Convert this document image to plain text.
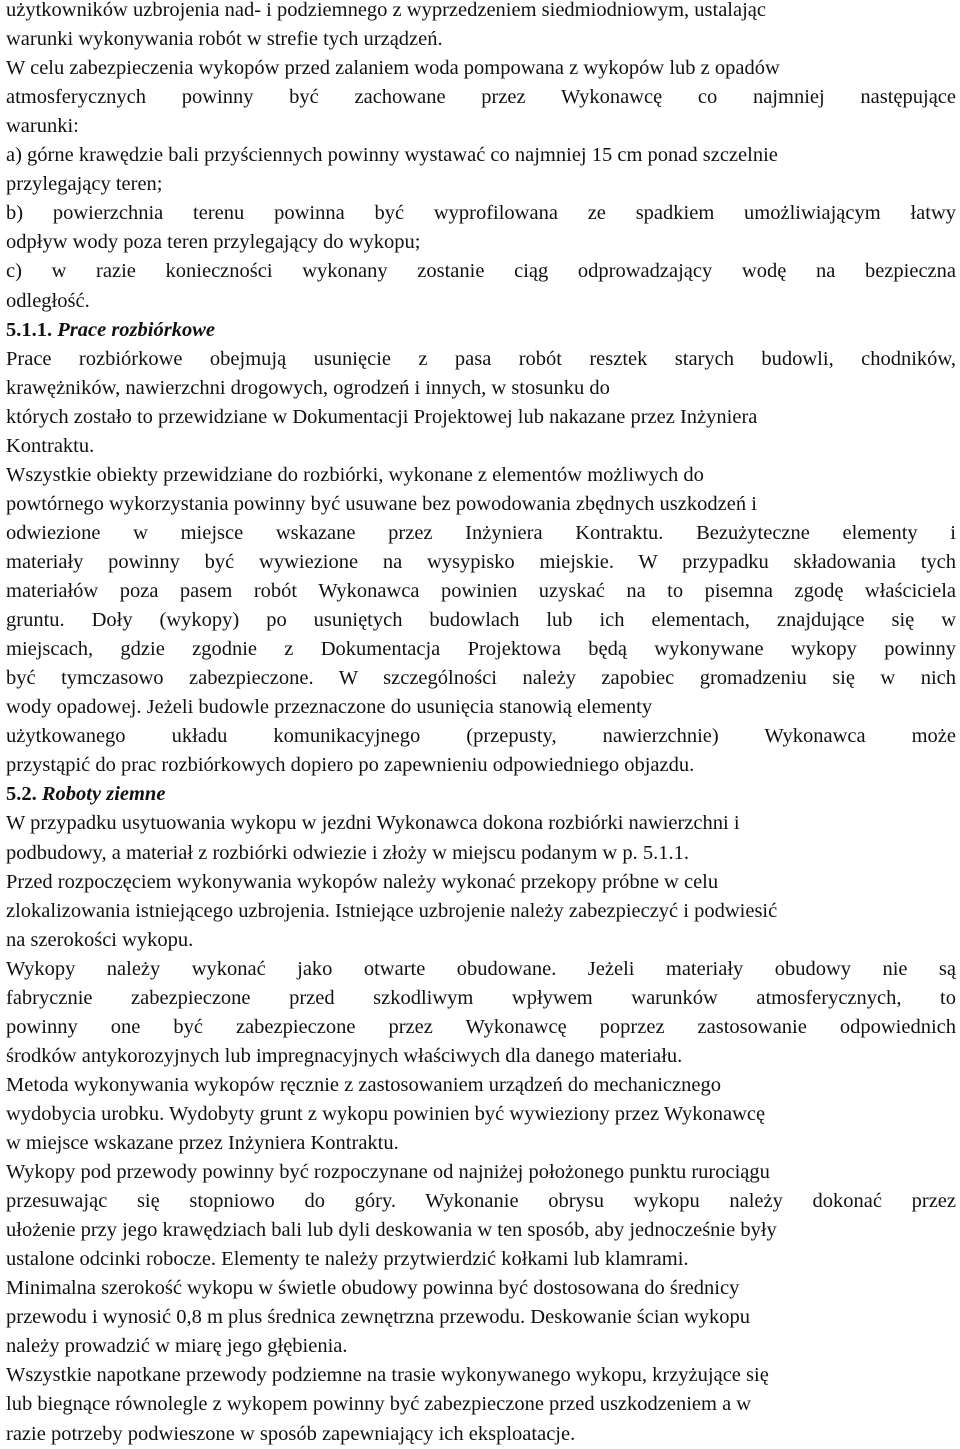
użytkowników uzbrojenia nad- i podziemnego z wyprzedzeniem siedmiodniowym, ustalając
warunki wykonywania robót w strefie tych urządzeń.
W celu zabezpieczenia wykopów przed zalaniem woda pompowana z wykopów lub z opadów
atmosferycznych powinny być zachowane przez Wykonawcę co najmniej następujące
warunki:
a) górne krawędzie bali przyściennych powinny wystawać co najmniej 15 cm ponad szczelnie
przylegający teren;
b) powierzchnia terenu powinna być wyprofilowana ze spadkiem umożliwiającym łatwy
odpływ wody poza teren przylegający do wykopu;
c) w razie konieczności wykonany zostanie ciąg odprowadzający wodę na bezpieczna
odległość.
5.1.1. Prace rozbiórkowe
Prace rozbiórkowe obejmują usunięcie z pasa robót resztek starych budowli, chodników,
krawężników, nawierzchni drogowych, ogrodzeń i innych, w stosunku do
których zostało to przewidziane w Dokumentacji Projektowej lub nakazane przez Inżyniera
Kontraktu.
Wszystkie obiekty przewidziane do rozbiórki, wykonane z elementów możliwych do
powtórnego wykorzystania powinny być usuwane bez powodowania zbędnych uszkodzeń i
odwiezione w miejsce wskazane przez Inżyniera Kontraktu. Bezużyteczne elementy i
materiały powinny być wywiezione na wysypisko miejskie. W przypadku składowania tych
materiałów poza pasem robót Wykonawca powinien uzyskać na to pisemna zgodę właściciela
gruntu. Doły (wykopy) po usuniętych budowlach lub ich elementach, znajdujące się w
miejscach, gdzie zgodnie z Dokumentacja Projektowa będą wykonywane wykopy powinny
być tymczasowo zabezpieczone. W szczególności należy zapobiec gromadzeniu się w nich
wody opadowej. Jeżeli budowle przeznaczone do usunięcia stanowią elementy
użytkowanego układu komunikacyjnego (przepusty, nawierzchnie) Wykonawca może
przystąpić do prac rozbiórkowych dopiero po zapewnieniu odpowiedniego objazdu.
5.2. Roboty ziemne
W przypadku usytuowania wykopu w jezdni Wykonawca dokona rozbiórki nawierzchni i
podbudowy, a materiał z rozbiórki odwiezie i złoży w miejscu podanym w p. 5.1.1.
Przed rozpoczęciem wykonywania wykopów należy wykonać przekopy próbne w celu
zlokalizowania istniejącego uzbrojenia. Istniejące uzbrojenie należy zabezpieczyć i podwiesić
na szerokości wykopu.
Wykopy należy wykonać jako otwarte obudowane. Jeżeli materiały obudowy nie są
fabrycznie zabezpieczone przed szkodliwym wpływem warunków atmosferycznych, to
powinny one być zabezpieczone przez Wykonawcę poprzez zastosowanie odpowiednich
środków antykorozyjnych lub impregnacyjnych właściwych dla danego materiału.
Metoda wykonywania wykopów ręcznie z zastosowaniem urządzeń do mechanicznego
wydobycia urobku. Wydobyty grunt z wykopu powinien być wywieziony przez Wykonawcę
w miejsce wskazane przez Inżyniera Kontraktu.
Wykopy pod przewody powinny być rozpoczynane od najniżej położonego punktu rurociągu
przesuwając się stopniowo do góry. Wykonanie obrysu wykopu należy dokonać przez
ułożenie przy jego krawędziach bali lub dyli deskowania w ten sposób, aby jednocześnie były
ustalone odcinki robocze. Elementy te należy przytwierdzić kołkami lub klamrami.
Minimalna szerokość wykopu w świetle obudowy powinna być dostosowana do średnicy
przewodu i wynosić 0,8 m plus średnica zewnętrzna przewodu. Deskowanie ścian wykopu
należy prowadzić w miarę jego głębienia.
Wszystkie napotkane przewody podziemne na trasie wykonywanego wykopu, krzyżujące się
lub biegnące równolegle z wykopem powinny być zabezpieczone przed uszkodzeniem a w
razie potrzeby podwieszone w sposób zapewniający ich eksploatacje.
